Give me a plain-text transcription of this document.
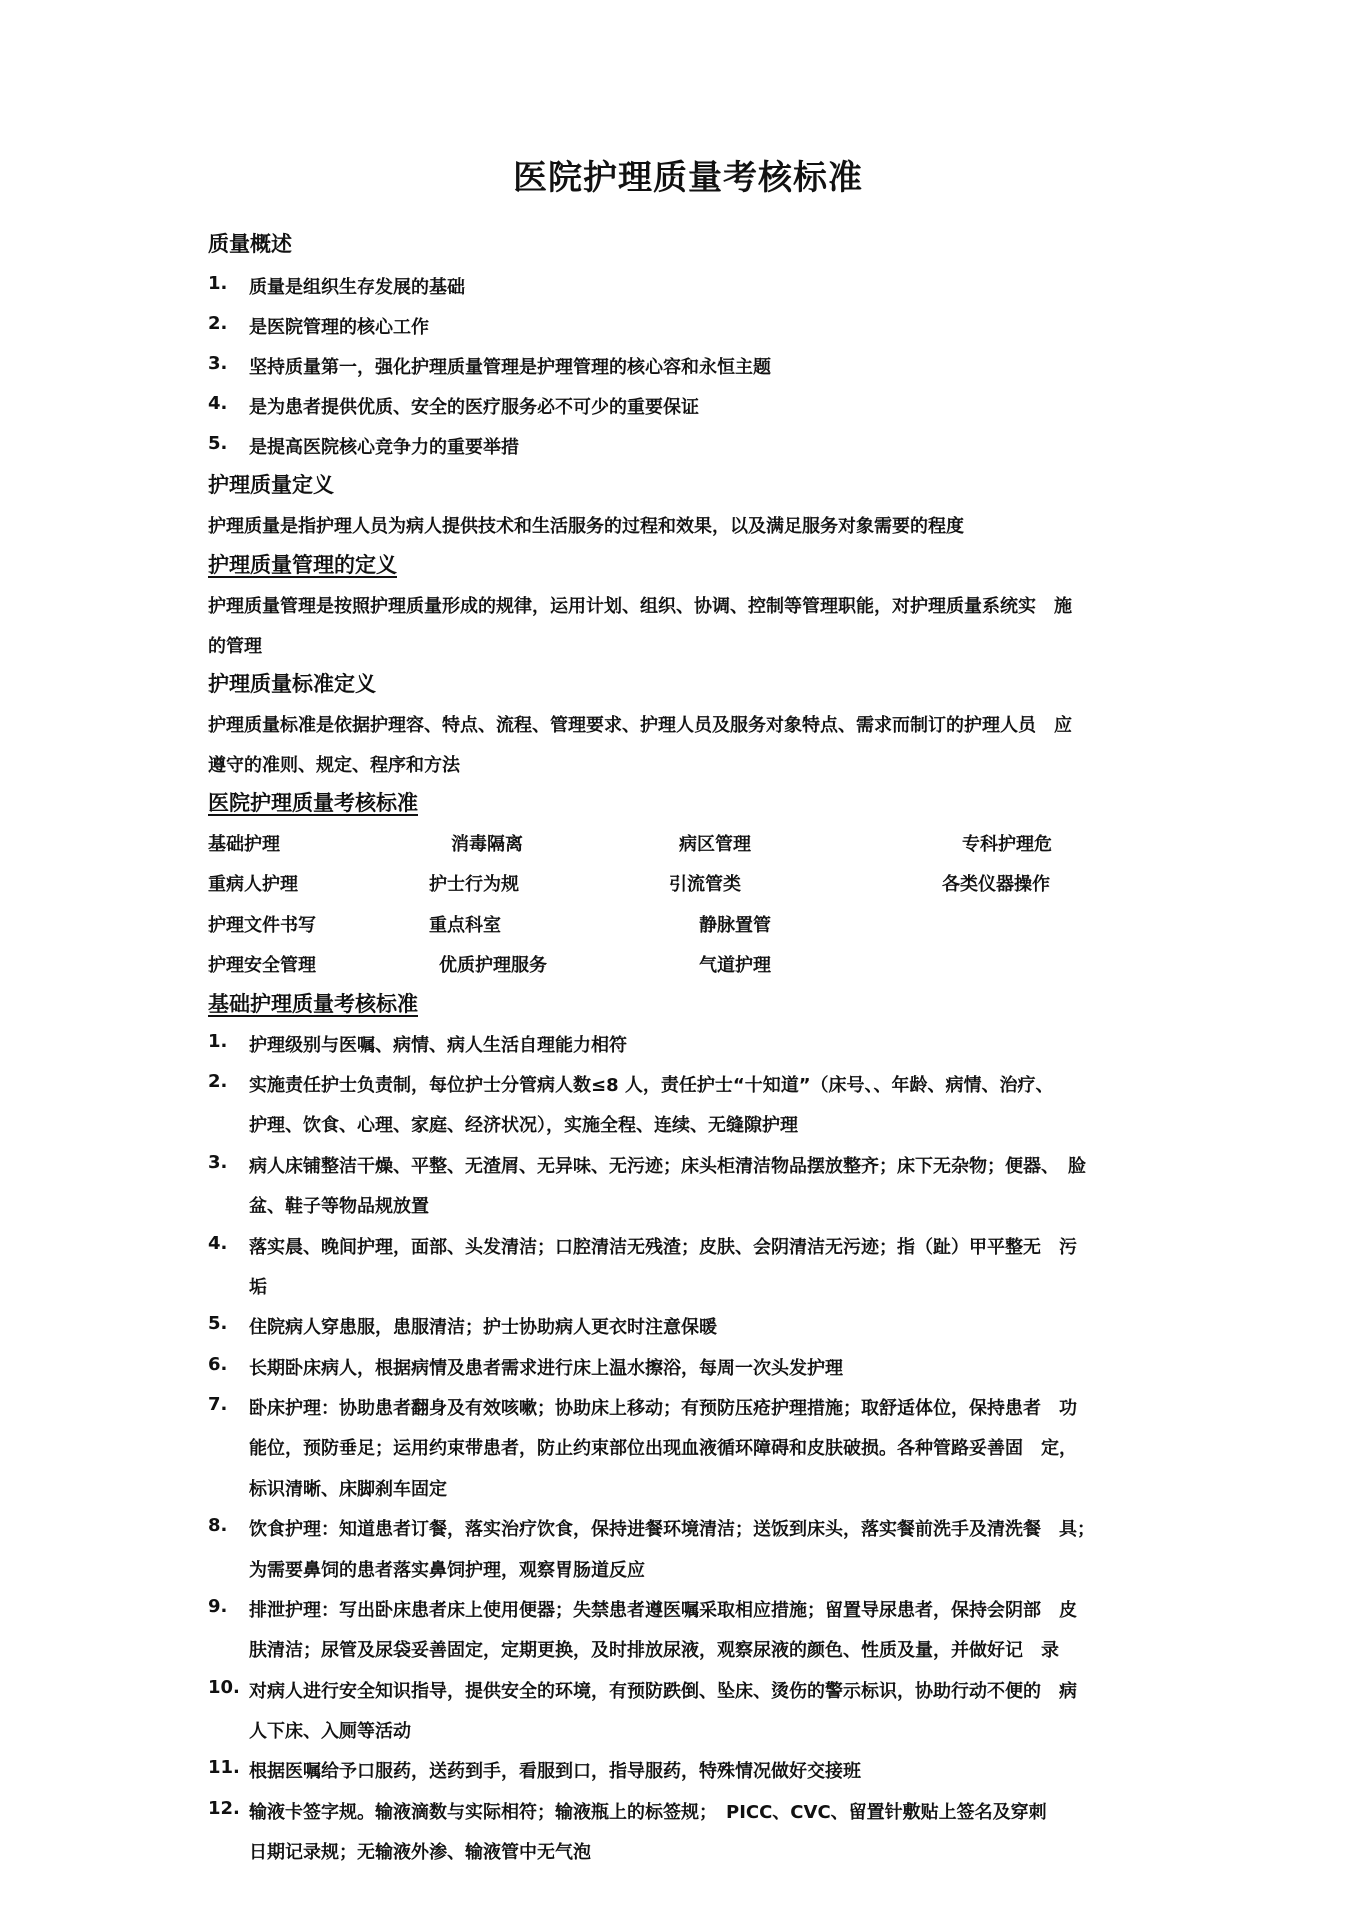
医院护理质量考核标准
质量概述
1.	质量是组织生存发展的基础
2.	是医院管理的核心工作
3.	坚持质量第一，强化护理质量管理是护理管理的核心容和永恒主题
4.	是为患者提供优质、安全的医疗服务必不可少的重要保证
5.	是提高医院核心竞争力的重要举措
护理质量定义
护理质量是指护理人员为病人提供技术和生活服务的过程和效果，以及满足服务对象需要的程度
护理质量管理的定义
护理质量管理是按照护理质量形成的规律，运用计划、组织、协调、控制等管理职能，对护理质量系统实　施
的管理
护理质量标准定义
护理质量标准是依据护理容、特点、流程、管理要求、护理人员及服务对象特点、需求而制订的护理人员　应
遵守的准则、规定、程序和方法
医院护理质量考核标准
基础护理	消毒隔离	病区管理	专科护理危
重病人护理	护士行为规	引流管类	各类仪器操作
护理文件书写	重点科室	静脉置管
护理安全管理	优质护理服务	气道护理
基础护理质量考核标准
1.	护理级别与医嘱、病情、病人生活自理能力相符
2.	实施责任护士负责制，每位护士分管病人数≤8 人，责任护士“十知道”（床号、、年龄、病情、治疗、
护理、饮食、心理、家庭、经济状况），实施全程、连续、无缝隙护理
3.	病人床铺整洁干燥、平整、无渣屑、无异味、无污迹；床头柜清洁物品摆放整齐；床下无杂物；便器、　脸
盆、鞋子等物品规放置
4.	落实晨、晚间护理，面部、头发清洁；口腔清洁无残渣；皮肤、会阴清洁无污迹；指（趾）甲平整无　污
垢
5.	住院病人穿患服，患服清洁；护士协助病人更衣时注意保暖
6.	长期卧床病人，根据病情及患者需求进行床上温水擦浴，每周一次头发护理
7.	卧床护理：协助患者翻身及有效咳嗽；协助床上移动；有预防压疮护理措施；取舒适体位，保持患者　功
能位，预防垂足；运用约束带患者，防止约束部位出现血液循环障碍和皮肤破损。各种管路妥善固　定，
标识清晰、床脚刹车固定
8.	饮食护理：知道患者订餐，落实治疗饮食，保持进餐环境清洁；送饭到床头，落实餐前洗手及清洗餐　具；
为需要鼻饲的患者落实鼻饲护理，观察胃肠道反应
9.	排泄护理：写出卧床患者床上使用便器；失禁患者遵医嘱采取相应措施；留置导尿患者，保持会阴部　皮
肤清洁；尿管及尿袋妥善固定，定期更换，及时排放尿液，观察尿液的颜色、性质及量，并做好记　录
10. 对病人进行安全知识指导，提供安全的环境，有预防跌倒、坠床、烫伤的警示标识，协助行动不便的　病
人下床、入厕等活动
11. 根据医嘱给予口服药，送药到手，看服到口，指导服药，特殊情况做好交接班
12. 输液卡签字规。输液滴数与实际相符；输液瓶上的标签规；　PICC、CVC、留置针敷贴上签名及穿刺
日期记录规；无输液外渗、输液管中无气泡
